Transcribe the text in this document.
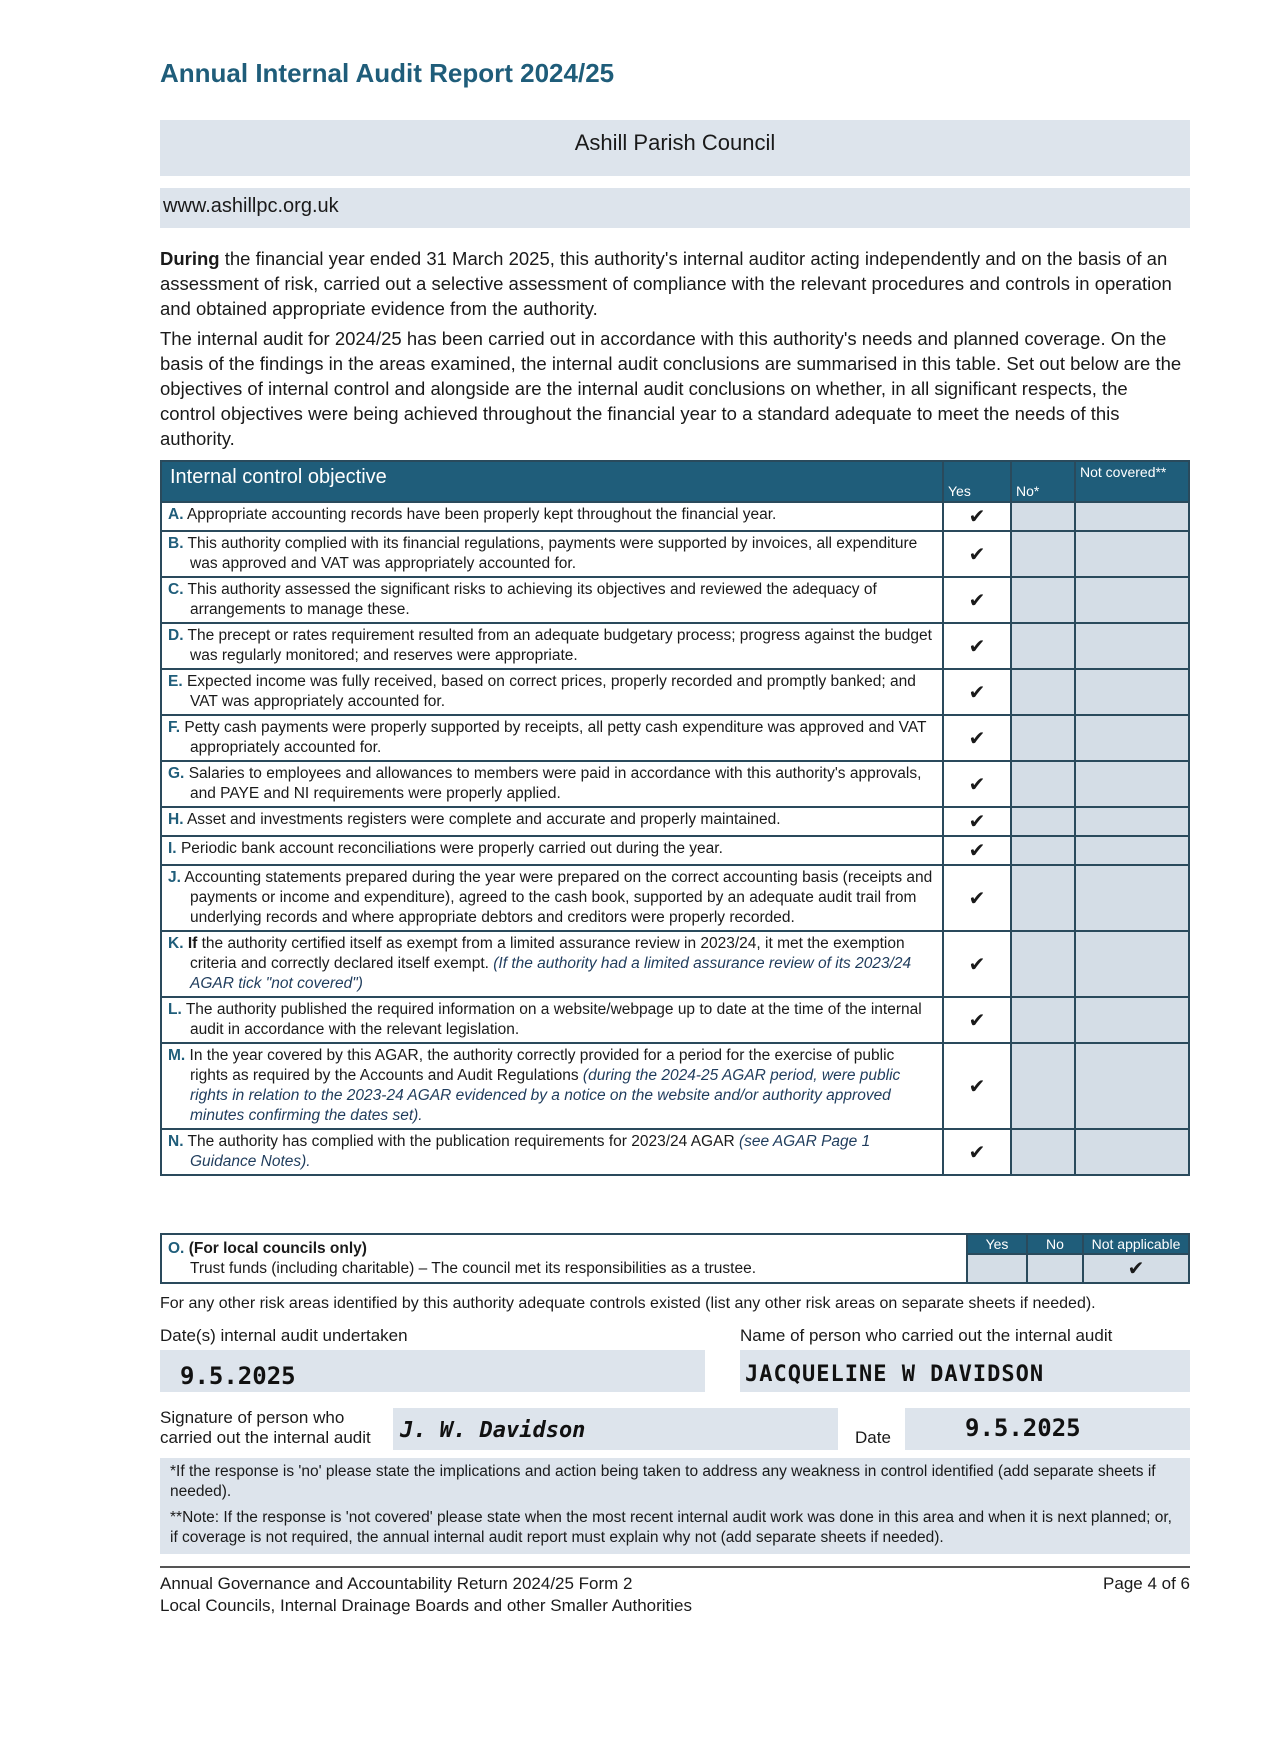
Annual Internal Audit Report 2024/25
Ashill Parish Council
www.ashillpc.org.uk
During the financial year ended 31 March 2025, this authority's internal auditor acting independently and on the basis of an assessment of risk, carried out a selective assessment of compliance with the relevant procedures and controls in operation and obtained appropriate evidence from the authority.
The internal audit for 2024/25 has been carried out in accordance with this authority's needs and planned coverage. On the basis of the findings in the areas examined, the internal audit conclusions are summarised in this table. Set out below are the objectives of internal control and alongside are the internal audit conclusions on whether, in all significant respects, the control objectives were being achieved throughout the financial year to a standard adequate to meet the needs of this authority.
Internal control objective	Yes	No*	Not covered**
A. Appropriate accounting records have been properly kept throughout the financial year.	✔		
B. This authority complied with its financial regulations, payments were supported by invoices, all expenditure was approved and VAT was appropriately accounted for.	✔		
C. This authority assessed the significant risks to achieving its objectives and reviewed the adequacy of arrangements to manage these.	✔		
D. The precept or rates requirement resulted from an adequate budgetary process; progress against the budget was regularly monitored; and reserves were appropriate.	✔		
E. Expected income was fully received, based on correct prices, properly recorded and promptly banked; and VAT was appropriately accounted for.	✔		
F. Petty cash payments were properly supported by receipts, all petty cash expenditure was approved and VAT appropriately accounted for.	✔		
G. Salaries to employees and allowances to members were paid in accordance with this authority's approvals, and PAYE and NI requirements were properly applied.	✔		
H. Asset and investments registers were complete and accurate and properly maintained.	✔		
I. Periodic bank account reconciliations were properly carried out during the year.	✔		
J. Accounting statements prepared during the year were prepared on the correct accounting basis (receipts and payments or income and expenditure), agreed to the cash book, supported by an adequate audit trail from underlying records and where appropriate debtors and creditors were properly recorded.	✔		
K. If the authority certified itself as exempt from a limited assurance review in 2023/24, it met the exemption criteria and correctly declared itself exempt. (If the authority had a limited assurance review of its 2023/24 AGAR tick "not covered")	✔		
L. The authority published the required information on a website/webpage up to date at the time of the internal audit in accordance with the relevant legislation.	✔		
M. In the year covered by this AGAR, the authority correctly provided for a period for the exercise of public rights as required by the Accounts and Audit Regulations (during the 2024-25 AGAR period, were public rights in relation to the 2023-24 AGAR evidenced by a notice on the website and/or authority approved minutes confirming the dates set).	✔		
N. The authority has complied with the publication requirements for 2023/24 AGAR (see AGAR Page 1 Guidance Notes).	✔		
O. (For local councils only)
Trust funds (including charitable) – The council met its responsibilities as a trustee.	Yes	No	Not applicable
			✔
For any other risk areas identified by this authority adequate controls existed (list any other risk areas on separate sheets if needed).
Date(s) internal audit undertaken	Name of person who carried out the internal audit
9.5.2025	JACQUELINE W DAVIDSON
Signature of person who
carried out the internal audit J. W. Davidson	Date	9.5.2025
*If the response is 'no' please state the implications and action being taken to address any weakness in control identified (add separate sheets if needed).
**Note: If the response is 'not covered' please state when the most recent internal audit work was done in this area and when it is next planned; or, if coverage is not required, the annual internal audit report must explain why not (add separate sheets if needed).
Annual Governance and Accountability Return 2024/25 Form 2
Local Councils, Internal Drainage Boards and other Smaller Authorities
Page 4 of 6
